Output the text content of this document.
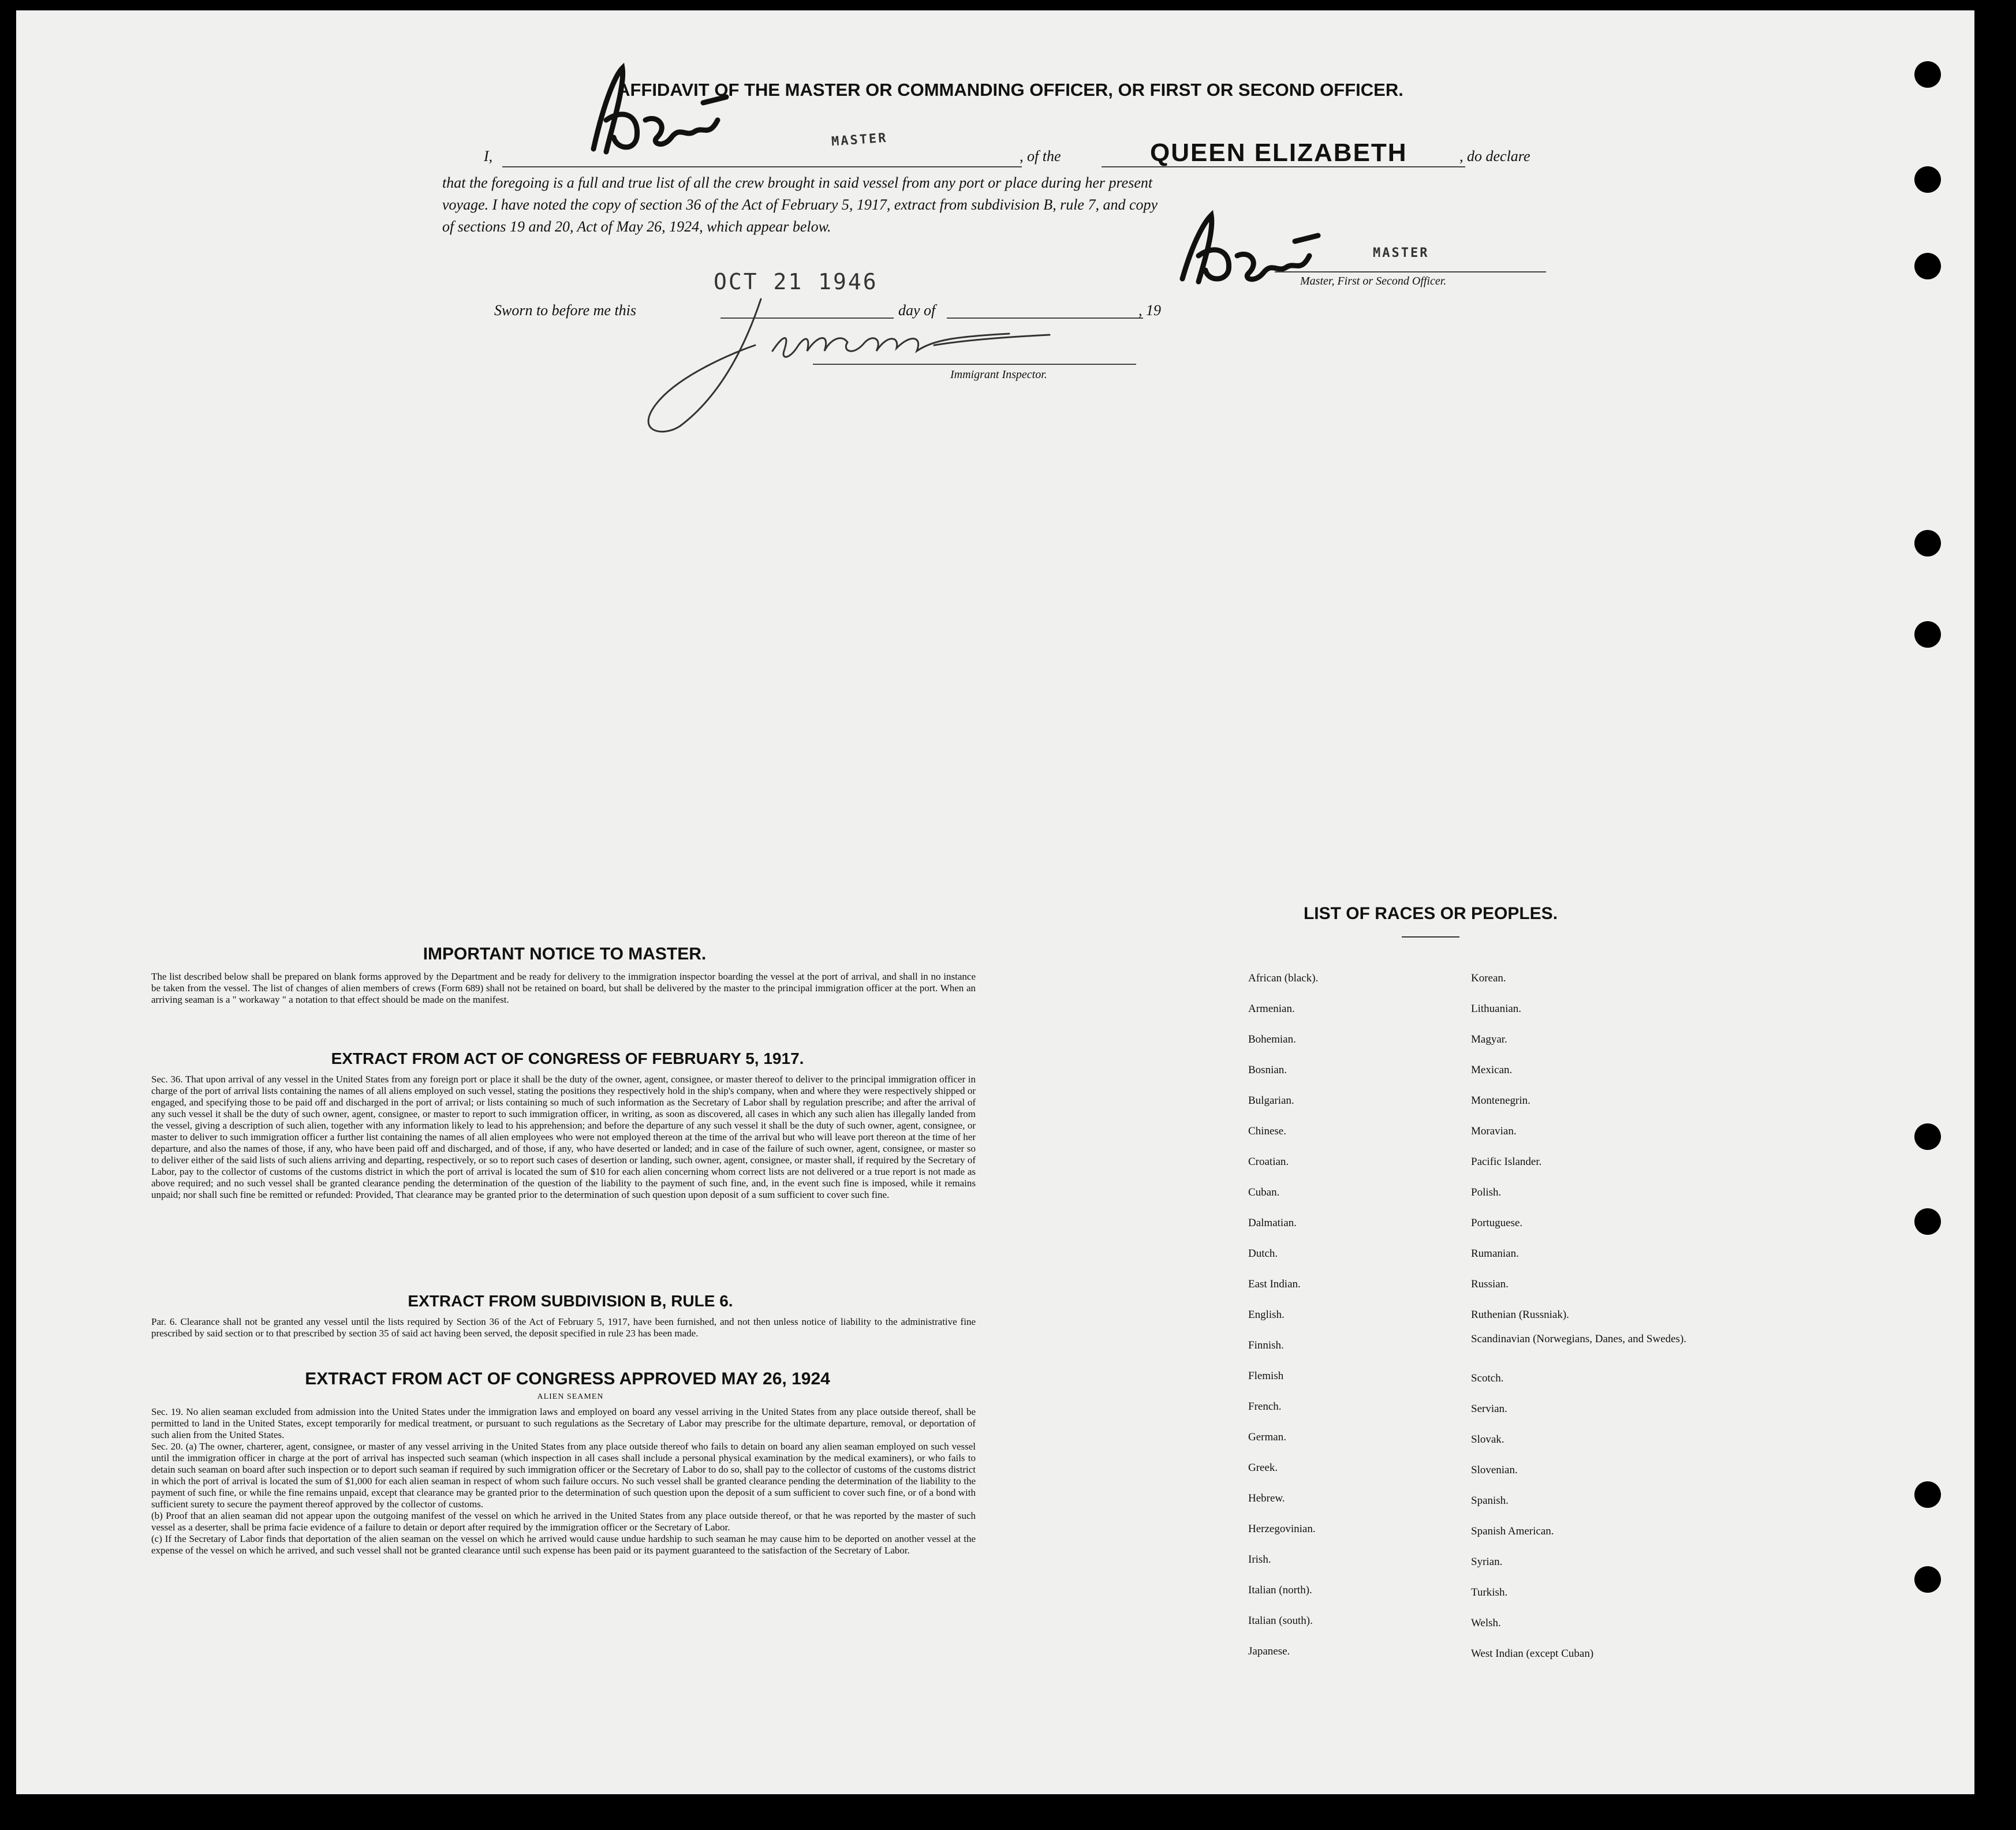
AFFIDAVIT OF THE MASTER OR COMMANDING OFFICER, OR FIRST OR SECOND OFFICER.
I,
MASTER
, of the	QUEEN ELIZABETH	, do declare
that the foregoing is a full and true list of all the crew brought in said vessel from any port or place during her present
voyage. I have noted the copy of section 36 of the Act of February 5, 1917, extract from subdivision B, rule 7, and copy
of sections 19 and 20, Act of May 26, 1924, which appear below.
MASTER
Master, First or Second Officer.
OCT 21 1946
Sworn to before me this	day of	, 19
Immigrant Inspector.
IMPORTANT NOTICE TO MASTER.
The list described below shall be prepared on blank forms approved by the Department and be ready for delivery to the immigration inspector boarding the vessel at the port of arrival, and shall in no instance be taken from the vessel. The list of changes of alien members of crews (Form 689) shall not be retained on board, but shall be delivered by the master to the principal immigration officer at the port. When an arriving seaman is a " workaway " a notation to that effect should be made on the manifest.
EXTRACT FROM ACT OF CONGRESS OF FEBRUARY 5, 1917.
Sec. 36. That upon arrival of any vessel in the United States from any foreign port or place it shall be the duty of the owner, agent, consignee, or master thereof to deliver to the principal immigration officer in charge of the port of arrival lists containing the names of all aliens employed on such vessel, stating the positions they respectively hold in the ship's company, when and where they were respectively shipped or engaged, and specifying those to be paid off and discharged in the port of arrival; or lists containing so much of such information as the Secretary of Labor shall by regulation prescribe; and after the arrival of any such vessel it shall be the duty of such owner, agent, consignee, or master to report to such immigration officer, in writing, as soon as discovered, all cases in which any such alien has illegally landed from the vessel, giving a description of such alien, together with any information likely to lead to his apprehension; and before the departure of any such vessel it shall be the duty of such owner, agent, consignee, or master to deliver to such immigration officer a further list containing the names of all alien employees who were not employed thereon at the time of the arrival but who will leave port thereon at the time of her departure, and also the names of those, if any, who have been paid off and discharged, and of those, if any, who have deserted or landed; and in case of the failure of such owner, agent, consignee, or master so to deliver either of the said lists of such aliens arriving and departing, respectively, or so to report such cases of desertion or landing, such owner, agent, consignee, or master shall, if required by the Secretary of Labor, pay to the collector of customs of the customs district in which the port of arrival is located the sum of $10 for each alien concerning whom correct lists are not delivered or a true report is not made as above required; and no such vessel shall be granted clearance pending the determination of the question of the liability to the payment of such fine, and, in the event such fine is imposed, while it remains unpaid; nor shall such fine be remitted or refunded: Provided, That clearance may be granted prior to the determination of such question upon deposit of a sum sufficient to cover such fine.
EXTRACT FROM SUBDIVISION B, RULE 6.
Par. 6. Clearance shall not be granted any vessel until the lists required by Section 36 of the Act of February 5, 1917, have been furnished, and not then unless notice of liability to the administrative fine prescribed by said section or to that prescribed by section 35 of said act having been served, the deposit specified in rule 23 has been made.
EXTRACT FROM ACT OF CONGRESS APPROVED MAY 26, 1924
ALIEN SEAMEN
Sec. 19. No alien seaman excluded from admission into the United States under the immigration laws and employed on board any vessel arriving in the United States from any place outside thereof, shall be permitted to land in the United States, except temporarily for medical treatment, or pursuant to such regulations as the Secretary of Labor may prescribe for the ultimate departure, removal, or deportation of such alien from the United States.
Sec. 20. (a) The owner, charterer, agent, consignee, or master of any vessel arriving in the United States from any place outside thereof who fails to detain on board any alien seaman employed on such vessel until the immigration officer in charge at the port of arrival has inspected such seaman (which inspection in all cases shall include a personal physical examination by the medical examiners), or who fails to detain such seaman on board after such inspection or to deport such seaman if required by such immigration officer or the Secretary of Labor to do so, shall pay to the collector of customs of the customs district in which the port of arrival is located the sum of $1,000 for each alien seaman in respect of whom such failure occurs. No such vessel shall be granted clearance pending the determination of the liability to the payment of such fine, or while the fine remains unpaid, except that clearance may be granted prior to the determination of such question upon the deposit of a sum sufficient to cover such fine, or of a bond with sufficient surety to secure the payment thereof approved by the collector of customs.
(b) Proof that an alien seaman did not appear upon the outgoing manifest of the vessel on which he arrived in the United States from any place outside thereof, or that he was reported by the master of such vessel as a deserter, shall be prima facie evidence of a failure to detain or deport after required by the immigration officer or the Secretary of Labor.
(c) If the Secretary of Labor finds that deportation of the alien seaman on the vessel on which he arrived would cause undue hardship to such seaman he may cause him to be deported on another vessel at the expense of the vessel on which he arrived, and such vessel shall not be granted clearance until such expense has been paid or its payment guaranteed to the satisfaction of the Secretary of Labor.
LIST OF RACES OR PEOPLES.
African (black).
Armenian.
Bohemian.
Bosnian.
Bulgarian.
Chinese.
Croatian.
Cuban.
Dalmatian.
Dutch.
East Indian.
English.
Finnish.
Flemish
French.
German.
Greek.
Hebrew.
Herzegovinian.
Irish.
Italian (north).
Italian (south).
Japanese.
Korean.
Lithuanian.
Magyar.
Mexican.
Montenegrin.
Moravian.
Pacific Islander.
Polish.
Portuguese.
Rumanian.
Russian.
Ruthenian (Russniak).
Scandinavian (Norwegians, Danes, and Swedes).
Scotch.
Servian.
Slovak.
Slovenian.
Spanish.
Spanish American.
Syrian.
Turkish.
Welsh.
West Indian (except Cuban)
